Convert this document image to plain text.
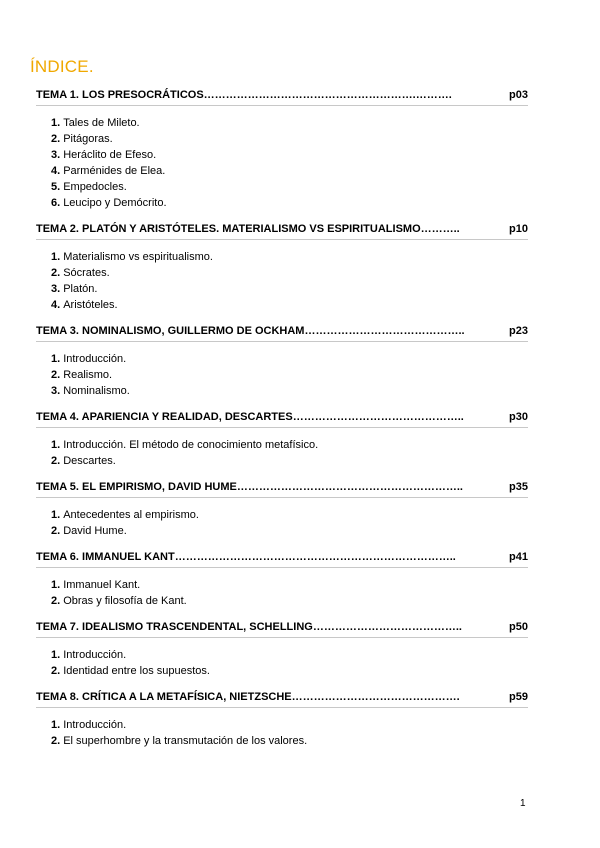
ÍNDICE.
TEMA 1. LOS PRESOCRÁTICOS………………………………………………….……….	p03
1. Tales de Mileto.
2. Pitágoras.
3. Heráclito de Efeso.
4. Parménides de Elea.
5. Empedocles.
6. Leucipo y Demócrito.
TEMA 2. PLATÓN Y ARISTÓTELES. MATERIALISMO VS ESPIRITUALISMO………..	p10
1. Materialismo vs espiritualismo.
2. Sócrates.
3. Platón.
4. Aristóteles.
TEMA 3. NOMINALISMO, GUILLERMO DE OCKHAM……………………………………..	p23
1. Introducción.
2. Realismo.
3. Nominalismo.
TEMA 4. APARIENCIA Y REALIDAD, DESCARTES………………………………………..	p30
1. Introducción. El método de conocimiento metafísico.
2. Descartes.
TEMA 5. EL EMPIRISMO, DAVID HUME……………………………………………………..	p35
1. Antecedentes al empirismo.
2. David Hume.
TEMA 6. IMMANUEL KANT…………………………………………………………………..	p41
1. Immanuel Kant.
2. Obras y filosofía de Kant.
TEMA 7. IDEALISMO TRASCENDENTAL, SCHELLING…………………………………..	p50
1. Introducción.
2. Identidad entre los supuestos.
TEMA 8. CRÍTICA A LA METAFÍSICA, NIETZSCHE……………………………………….	p59
1. Introducción.
2. El superhombre y la transmutación de los valores.
1
